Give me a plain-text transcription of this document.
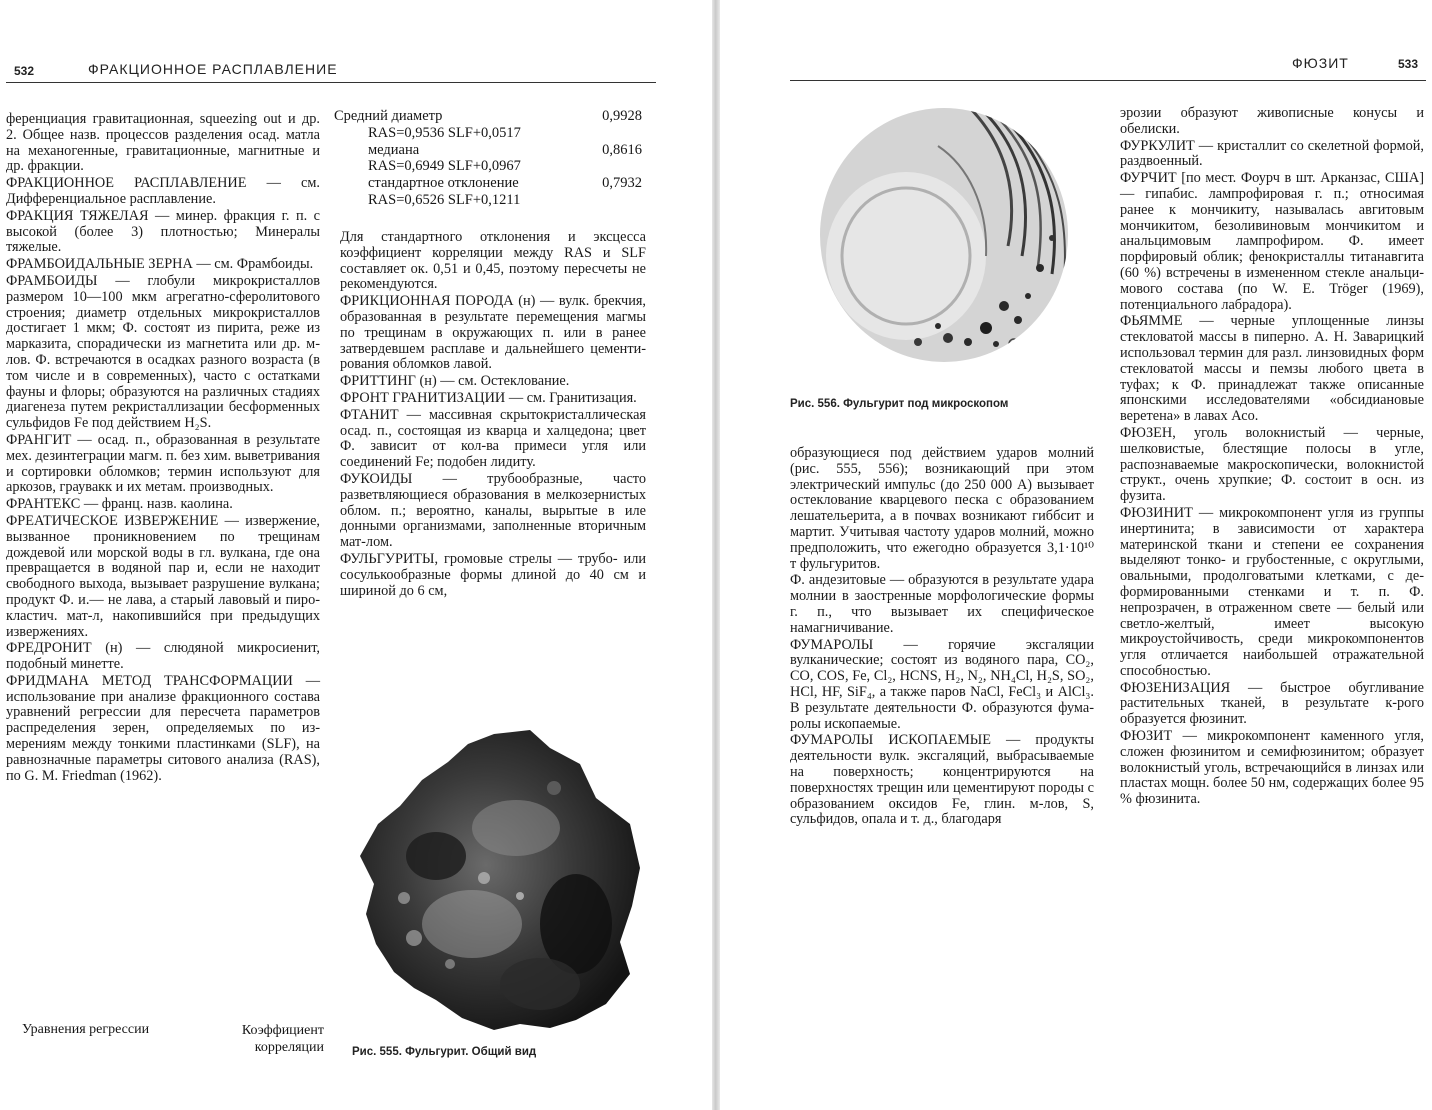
532	ФРАКЦИОННОЕ РАСПЛАВЛЕНИЕ

ференциация гравитационная, squeezing out и др. 2. Общее назв. процессов разделения осад. матла на механогенные, гравитационные, магнитные и др. фракции.

ФРАКЦИОННОЕ РАСПЛАВЛЕНИЕ — см. Дифференциальное расплавление.

ФРАКЦИЯ ТЯЖЕЛАЯ — минер. фракция г. п. с высокой (более 3) плотностью; Минералы тяжелые.

ФРАМБОИДАЛЬНЫЕ ЗЕРНА — см. Фрамбоиды.

ФРАМБОИДЫ — глобули микрокристаллов размером 10—100 мкм агрегатно-сферолитового строения; диаметр отдельных микрокристаллов достигает 1 мкм; Ф. состоят из пирита, реже из марказита, спорадически из магнетита или др. м-лов. Ф. встречаются в осадках разного возраста (в том числе и в современных), часто с остатками фауны и флоры; образуются на различных стадиях диагенеза путем рекристаллизации бесформенных сульфидов Fe под действием H₂S.

ФРАНГИТ — осад. п., образованная в результате мех. дезинтеграции магм. п. без хим. выветривания и сортировки обломков; термин используют для аркозов, граувакк и их метам. производных.

ФРАНТЕКС — франц. назв. каолина.

ФРЕАТИЧЕСКОЕ ИЗВЕРЖЕНИЕ — извержение, вызванное проникновением по трещинам дождевой или морской воды в гл. вулкана, где она превращается в водяной пар и, если не находит свободного выхода, вызывает разрушение вулкана; продукт Ф. и.— не лава, а старый лавовый и пирокластич. мат-л, накопившийся при предыдущих извержениях.

ФРЕДРОНИТ (н) — слюдяной микросиенит, подобный минетте.

ФРИДМАНА МЕТОД ТРАНСФОРМАЦИИ — использование при анализе фракционного состава уравнений регрессии для пересчета параметров распределения зерен, определяемых по измерениям между тонкими пластинками (SLF), на равнозначные параметры ситового анализа (RAS), по G. M. Friedman (1962).

Уравнения регрессии	Коэффициент корреляции
Средний диаметр	0,9928
RAS=0,9536 SLF+0,0517
медиана	0,8616
RAS=0,6949 SLF+0,0967
стандартное отклонение	0,7932
RAS=0,6526 SLF+0,1211

Для стандартного отклонения и эксцесса коэффициент корреляции между RAS и SLF составляет ок. 0,51 и 0,45, поэтому пересчеты не рекомендуются.

ФРИКЦИОННАЯ ПОРОДА (н) — вулк. брекчия, образованная в результате перемещения магмы по трещинам в окружающих п. или в ранее затвердевшем расплаве и дальнейшего цементирования обломков лавой.

ФРИТТИНГ (н) — см. Остеклование.

ФРОНТ ГРАНИТИЗАЦИИ — см. Гранитизация.

ФТАНИТ — массивная скрытокристаллическая осад. п., состоящая из кварца и халцедона; цвет Ф. зависит от кол-ва примеси угля или соединений Fe; подобен лидиту.

ФУКОИДЫ — трубообразные, часто разветвляющиеся образования в мелкозернистых облом. п.; вероятно, каналы, вырытые в иле донными организмами, заполненные вторичным мат-лом.

ФУЛЬГУРИТЫ, громовые стрелы — трубо- или сосулькообразные формы длиной до 40 см и шириной до 6 см,

Рис. 555. Фульгурит. Общий вид
ФЮЗИТ	533
Рис. 556. Фульгурит под микроскопом

образующиеся под действием ударов молний (рис. 555, 556); возникающий при этом электрический импульс (до 250 000 А) вызывает остеклование кварцевого песка с образованием лешательерита, а в почвах возникают гиббсит и мартит. Учитывая частоту ударов молний, можно предположить, что ежегодно образуется 3,1·10¹⁰ т фульгуритов.

Ф. андезитовые — образуются в результате удара молнии в заостренные морфологические формы г. п., что вызывает их специфическое намагничивание.

ФУМАРОЛЫ — горячие эксгаляции вулканические; состоят из водяного пара, CO₂, CO, COS, Fe, Cl₂, HCNS, H₂, N₂, NH₄Cl, H₂S, SO₂, HCl, HF, SiF₄, а также паров NaCl, FeCl₃ и AlCl₃. В результате деятельности Ф. образуются фумаролы ископаемые.

ФУМАРОЛЫ ИСКОПАЕМЫЕ — продукты деятельности вулк. эксгаляций, выбрасываемые на поверхность; концентрируются на поверхностях трещин или цементируют породы с образованием оксидов Fe, глин. м-лов, S, сульфидов, опала и т. д., благодаря

эрозии образуют живописные конусы и обелиски.

ФУРКУЛИТ — кристаллит со скелетной формой, раздвоенный.

ФУРЧИТ [по мест. Фоурч в шт. Арканзас, США] — гипабис. лампрофировая г. п.; относимая ранее к мончикиту, называлась авгитовым мончикитом, безоливиновым мончикитом и анальцимовым лампрофиром. Ф. имеет порфировый облик; фенокристаллы титанавгита (60 %) встречены в измененном стекле анальцимового состава (по W. E. Tröger (1969), потенциального лабрадора).

ФЬЯММЕ — черные уплощенные линзы стекловатой массы в пиперно. А. Н. Заварицкий использовал термин для разл. линзовидных форм стекловатой массы и пемзы любого цвета в туфах; к Ф. принадлежат также описанные японскими исследователями «обсидиановые веретена» в лавах Асо.

ФЮЗЕН, уголь волокнистый — черные, шелковистые, блестящие полосы в угле, распознаваемые макроскопически, волокнистой структ., очень хрупкие; Ф. состоит в осн. из фузита.

ФЮЗИНИТ — микрокомпонент угля из группы инертинита; в зависимости от характера материнской ткани и степени ее сохранения выделяют тонко- и грубостенные, с округлыми, овальными, продолговатыми клетками, с деформированными стенками и т. п. Ф. непрозрачен, в отраженном свете — белый или светло-желтый, имеет высокую микроустойчивость, среди микрокомпонентов угля отличается наибольшей отражательной способностью.

ФЮЗЕНИЗАЦИЯ — быстрое обугливание растительных тканей, в результате к-рого образуется фюзинит.

ФЮЗИТ — микрокомпонент каменного угля, сложен фюзинитом и семифюзинитом; образует волокнистый уголь, встречающийся в линзах или пластах мощн. более 50 нм, содержащих более 95 % фюзинита.
